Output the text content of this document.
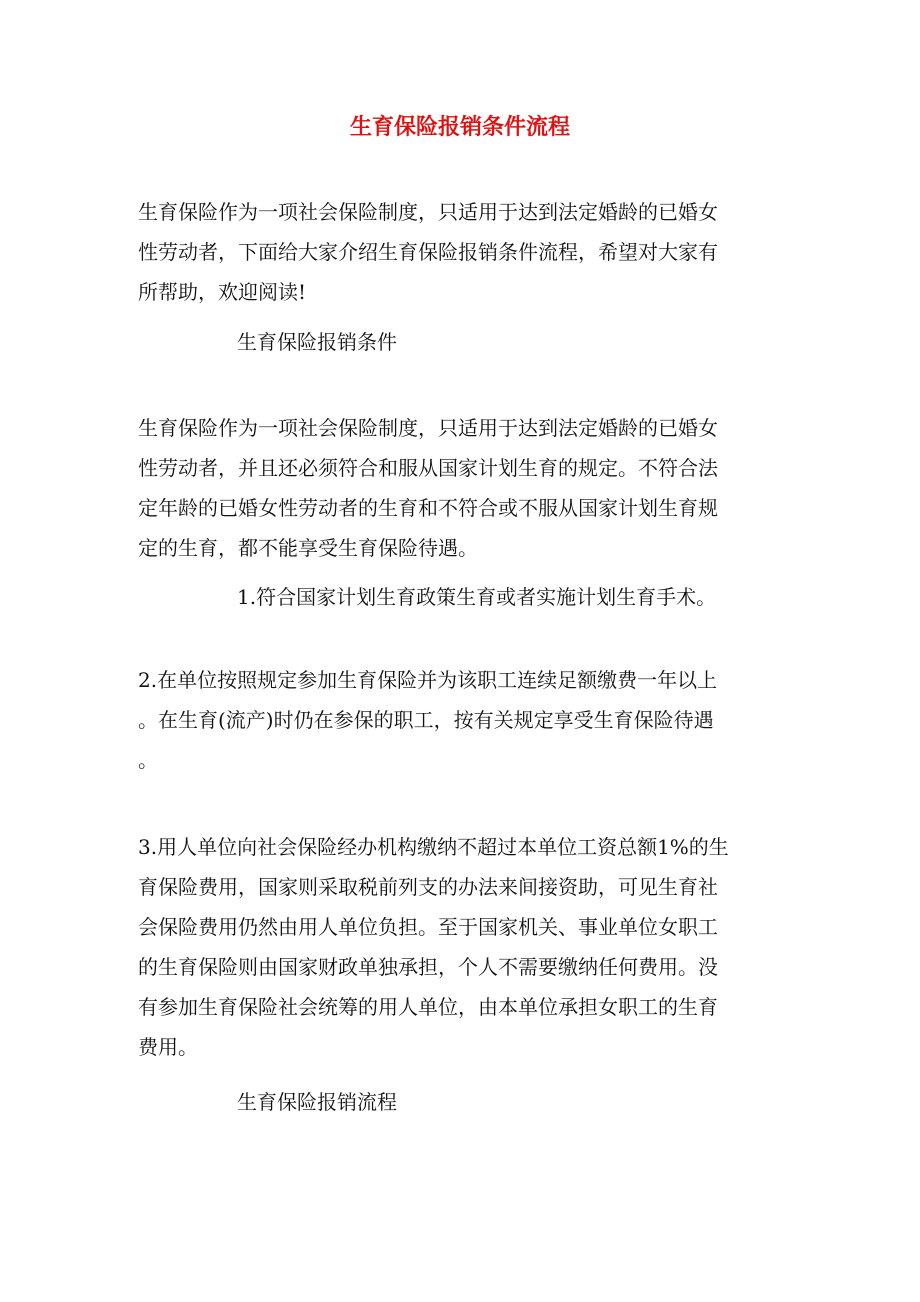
生育保险报销条件流程
生育保险作为一项社会保险制度，只适用于达到法定婚龄的已婚女
性劳动者，下面给大家介绍生育保险报销条件流程，希望对大家有
所帮助，欢迎阅读!
生育保险报销条件
生育保险作为一项社会保险制度，只适用于达到法定婚龄的已婚女
性劳动者，并且还必须符合和服从国家计划生育的规定。不符合法
定年龄的已婚女性劳动者的生育和不符合或不服从国家计划生育规
定的生育，都不能享受生育保险待遇。
1.符合国家计划生育政策生育或者实施计划生育手术。
2.在单位按照规定参加生育保险并为该职工连续足额缴费一年以上
。在生育(流产)时仍在参保的职工，按有关规定享受生育保险待遇
。
3.用人单位向社会保险经办机构缴纳不超过本单位工资总额1%的生
育保险费用，国家则采取税前列支的办法来间接资助，可见生育社
会保险费用仍然由用人单位负担。至于国家机关、事业单位女职工
的生育保险则由国家财政单独承担，个人不需要缴纳任何费用。没
有参加生育保险社会统筹的用人单位，由本单位承担女职工的生育
费用。
生育保险报销流程
